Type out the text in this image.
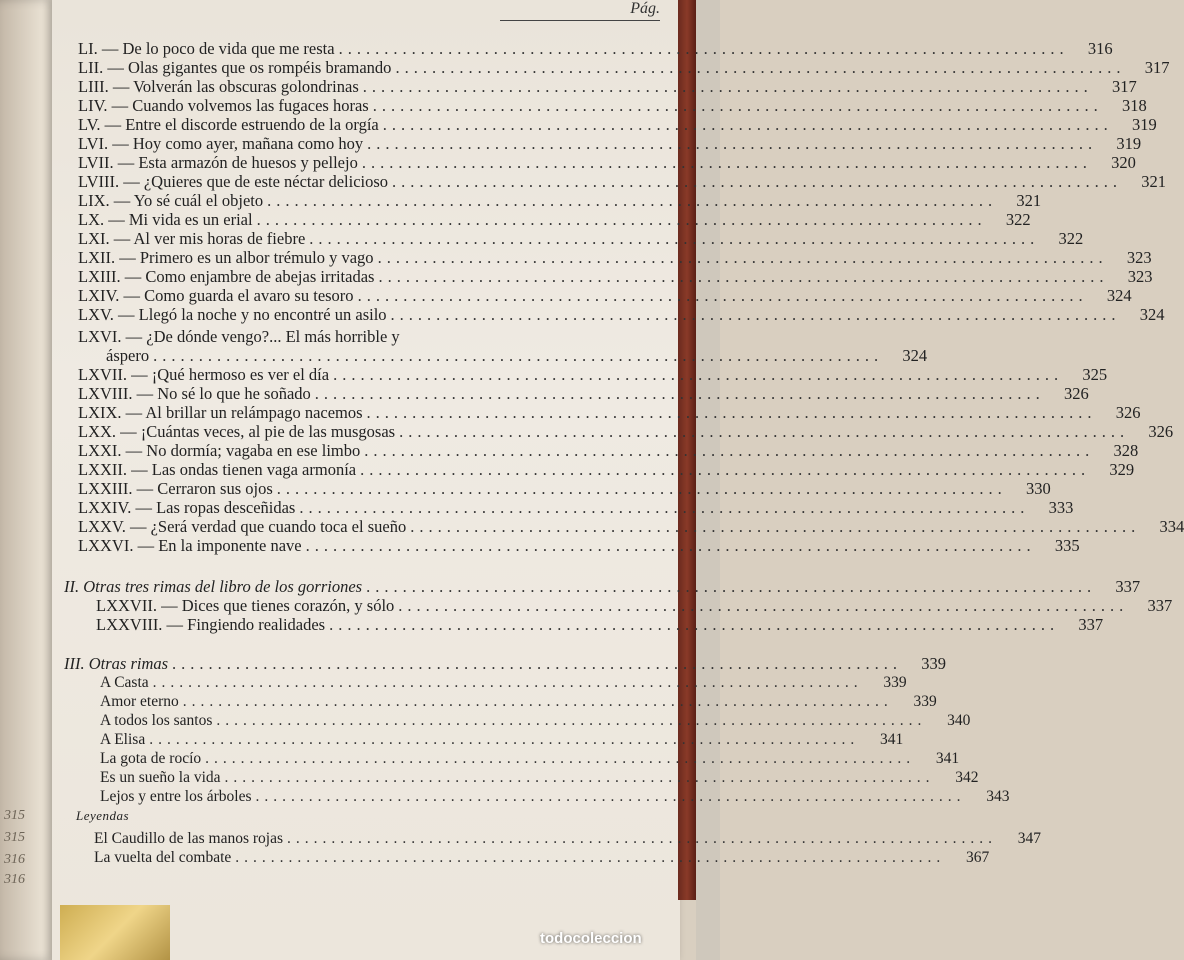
315
315
316
316
Pág.
LI. — De lo poco de vida que me resta ................................................................................	316
LII. — Olas gigantes que os rompéis bramando ................................................................................	317
LIII. — Volverán las obscuras golondrinas ................................................................................	317
LIV. — Cuando volvemos las fugaces horas ................................................................................	318
LV. — Entre el discorde estruendo de la orgía ................................................................................	319
LVI. — Hoy como ayer, mañana como hoy ................................................................................	319
LVII. — Esta armazón de huesos y pellejo ................................................................................	320
LVIII. — ¿Quieres que de este néctar delicioso ................................................................................	321
LIX. — Yo sé cuál el objeto ................................................................................	321
LX. — Mi vida es un erial ................................................................................	322
LXI. — Al ver mis horas de fiebre ................................................................................	322
LXII. — Primero es un albor trémulo y vago ................................................................................	323
LXIII. — Como enjambre de abejas irritadas ................................................................................	323
LXIV. — Como guarda el avaro su tesoro ................................................................................	324
LXV. — Llegó la noche y no encontré un asilo ................................................................................	324
LXVI. — ¿De dónde vengo?... El más horrible y
áspero ................................................................................	324
LXVII. — ¡Qué hermoso es ver el día ................................................................................	325
LXVIII. — No sé lo que he soñado ................................................................................	326
LXIX. — Al brillar un relámpago nacemos ................................................................................	326
LXX. — ¡Cuántas veces, al pie de las musgosas ................................................................................	326
LXXI. — No dormía; vagaba en ese limbo ................................................................................	328
LXXII. — Las ondas tienen vaga armonía ................................................................................	329
LXXIII. — Cerraron sus ojos ................................................................................	330
LXXIV. — Las ropas desceñidas ................................................................................	333
LXXV. — ¿Será verdad que cuando toca el sueño ................................................................................	334
LXXVI. — En la imponente nave ................................................................................	335
II. Otras tres rimas del libro de los gorriones ................................................................................	337
LXXVII. — Dices que tienes corazón, y sólo ................................................................................	337
LXXVIII. — Fingiendo realidades ................................................................................	337
III. Otras rimas ................................................................................	339
A Casta ................................................................................	339
Amor eterno ................................................................................	339
A todos los santos ................................................................................	340
A Elisa ................................................................................	341
La gota de rocío ................................................................................	341
Es un sueño la vida ................................................................................	342
Lejos y entre los árboles ................................................................................	343
Leyendas
El Caudillo de las manos rojas ................................................................................	347
La vuelta del combate ................................................................................	367
todocoleccion
